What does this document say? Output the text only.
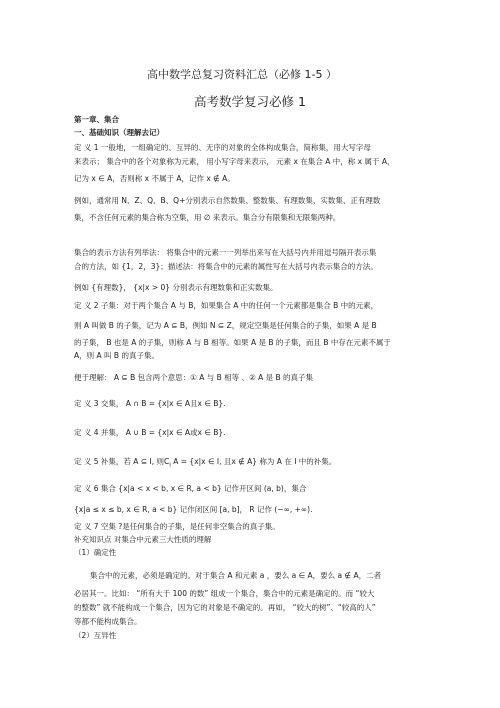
高中数学总复习资料汇总（必修 1-5 ）
高考数学复习必修 1
第一章、集合
一、基础知识（理解去记）
定 义 1 一般地，一组确定的、互异的、无序的对象的全体构成集合，简称集，用大写字母
来表示； 集合中的各个对象称为元素， 用小写字母来表示， 元素 x 在集合 A 中，称 x 属于 A，
记为 x ∈ A，否则称 x 不属于 A，记作 x ∉ A。
例如，通常用 N、Z、Q、B、Q+分别表示自然数集、整数集、有理数集、实数集、正有理数
集，不含任何元素的集合称为空集，用 ∅ 来表示。集合分有限集和无限集两种。
集合的表示方法有列举法： 将集合中的元素一一列举出来写在大括号内并用逗号隔开表示集
合的方法，如 {1，2，3}；描述法：将集合中的元素的属性写在大括号内表示集合的方法。
例如 {有理数}， {x|x > 0} 分别表示有理数集和正实数集。
定 义 2 子集：对于两个集合 A 与 B，如果集合 A 中的任何一个元素都是集合 B 中的元素，
则 A 叫做 B 的子集，记为 A ⊆ B，例如 N ⊆ Z，规定空集是任何集合的子集，如果 A 是 B
的子集， B 也是 A 的子集，则称 A 与 B 相等。如果 A 是 B 的子集，而且 B 中存在元素不属于
A，则 A 叫 B 的真子集。
便于理解： A ⊆ B 包含两个意思：① A 与 B 相等 、② A 是 B 的真子集
定 义 3 交集， A ∩ B = {x|x ∈ A且x ∈ B}.
定 义 4 并集， A ∪ B = {x|x ∈ A或x ∈ B}.
定 义 5 补集，若 A ⊆ I, 则$C_I$ A = {x|x ∈ I, 且x ∉ A} 称为 A 在 I 中的补集。
定 义 6 集合 {x|a < x < b, x ∈ R, a < b} 记作开区间 (a, b)，集合
{x|a ≤ x ≤ b, x ∈ R, a < b} 记作闭区间 [a, b]， R 记作 (−∞, +∞).
定 义 7 空集 ?是任何集合的子集，是任何非空集合的真子集。
补充知识点 对集合中元素三大性质的理解
（1）确定性
集合中的元素，必须是确定的。对于集合 A 和元素 a ，要么 a ∈ A，要么 a ∉ A，二者
必居其一。比如： “所有大于 100 的数” 组成一个集合，集合中的元素是确定的。而 “较大
的整数” 就不能构成一个集合，因为它的对象是不确定的。再如， “较大的树”、“较高的人”
等都不能构成集合。
（2）互异性
